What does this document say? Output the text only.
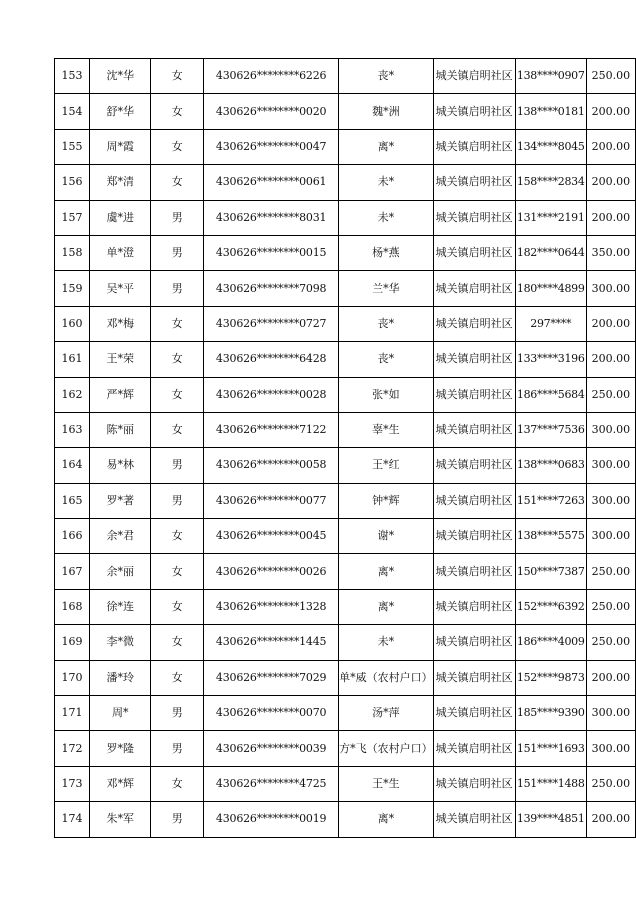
153	沈*华	女	430626********6226	丧*	城关镇启明社区	138****0907	250.00
154	舒*华	女	430626********0020	魏*洲	城关镇启明社区	138****0181	200.00
155	周*霞	女	430626********0047	离*	城关镇启明社区	134****8045	200.00
156	郑*清	女	430626********0061	未*	城关镇启明社区	158****2834	200.00
157	虞*进	男	430626********8031	未*	城关镇启明社区	131****2191	200.00
158	单*澄	男	430626********0015	杨*燕	城关镇启明社区	182****0644	350.00
159	吴*平	男	430626********7098	兰*华	城关镇启明社区	180****4899	300.00
160	邓*梅	女	430626********0727	丧*	城关镇启明社区	297****	200.00
161	王*荣	女	430626********6428	丧*	城关镇启明社区	133****3196	200.00
162	严*辉	女	430626********0028	张*如	城关镇启明社区	186****5684	250.00
163	陈*丽	女	430626********7122	辜*生	城关镇启明社区	137****7536	300.00
164	易*林	男	430626********0058	王*红	城关镇启明社区	138****0683	300.00
165	罗*著	男	430626********0077	钟*辉	城关镇启明社区	151****7263	300.00
166	余*君	女	430626********0045	谢*	城关镇启明社区	138****5575	300.00
167	余*丽	女	430626********0026	离*	城关镇启明社区	150****7387	250.00
168	徐*连	女	430626********1328	离*	城关镇启明社区	152****6392	250.00
169	李*微	女	430626********1445	未*	城关镇启明社区	186****4009	250.00
170	潘*玲	女	430626********7029	单*威（农村户口）	城关镇启明社区	152****9873	200.00
171	周*	男	430626********0070	汤*萍	城关镇启明社区	185****9390	300.00
172	罗*隆	男	430626********0039	方*飞（农村户口）	城关镇启明社区	151****1693	300.00
173	邓*辉	女	430626********4725	王*生	城关镇启明社区	151****1488	250.00
174	朱*军	男	430626********0019	离*	城关镇启明社区	139****4851	200.00
